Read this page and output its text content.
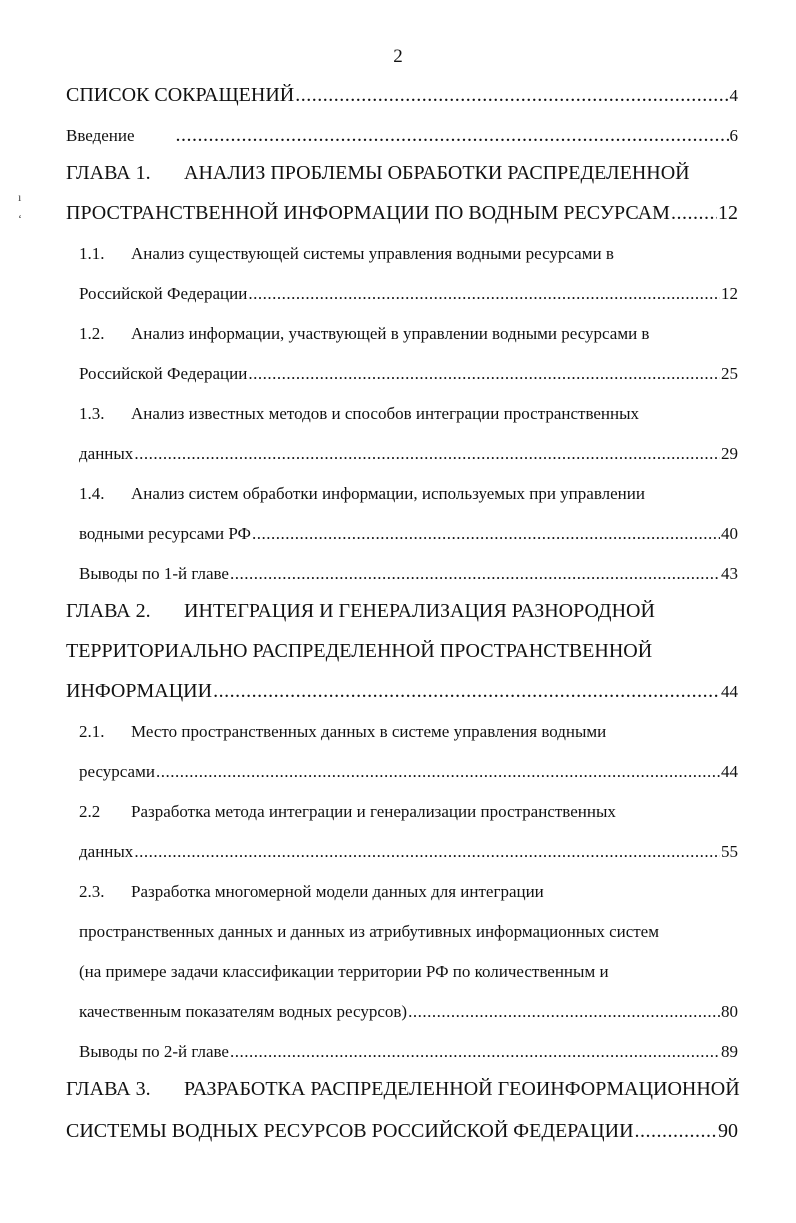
2
ı
ʻ
СПИСОК СОКРАЩЕНИЙ .....	4
Введение .....	6
ГЛАВА 1.	АНАЛИЗ ПРОБЛЕМЫ ОБРАБОТКИ РАСПРЕДЕЛЕННОЙ
ПРОСТРАНСТВЕННОЙ ИНФОРМАЦИИ ПО ВОДНЫМ РЕСУРСАМ ..... 12
1.1.	Анализ существующей системы управления водными ресурсами в
Российской Федерации .....	12
1.2.	Анализ информации, участвующей в управлении водными ресурсами в
Российской Федерации .....	25
1.3.	Анализ известных методов и способов интеграции пространственных
данных .....	29
1.4.	Анализ систем обработки информации, используемых при управлении
водными ресурсами РФ .....	40
Выводы по 1-й главе .....	43
ГЛАВА 2.	ИНТЕГРАЦИЯ И ГЕНЕРАЛИЗАЦИЯ РАЗНОРОДНОЙ
ТЕРРИТОРИАЛЬНО РАСПРЕДЕЛЕННОЙ ПРОСТРАНСТВЕННОЙ
ИНФОРМАЦИИ .....	44
2.1.	Место пространственных данных в системе управления водными
ресурсами .....	44
2.2	Разработка метода интеграции и генерализации пространственных
данных .....	55
2.3.	Разработка многомерной модели данных для интеграции
пространственных данных и данных из атрибутивных информационных систем
(на примере задачи классификации территории РФ по количественным и
качественным показателям водных ресурсов) .....	80
Выводы по 2-й главе .....	89
ГЛАВА 3.	РАЗРАБОТКА РАСПРЕДЕЛЕННОЙ ГЕОИНФОРМАЦИОННОЙ
СИСТЕМЫ ВОДНЫХ РЕСУРСОВ РОССИЙСКОЙ ФЕДЕРАЦИИ .....	90
